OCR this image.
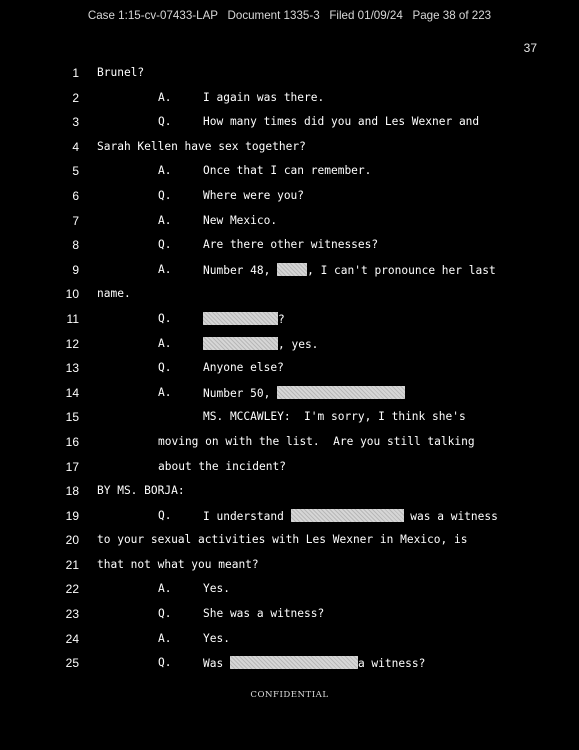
Case 1:15-cv-07433-LAP   Document 1335-3   Filed 01/09/24   Page 38 of 223
37

1

Brunel?

2

	A.

	I again was there.

3

	Q.

	How many times did you and Les Wexner and

4

Sarah Kellen have sex together?

5

	A.

	Once that I can remember.

6

	Q.

	Where were you?

7

	A.

	New Mexico.

8

	Q.

	Are there other witnesses?

9

	A.

	Number 48,	, I can't pronounce her last

10

name.

11

	Q.

	?

12

	A.

	, yes.

13

	Q.

	Anyone else?

14

	A.

	Number 50,

15

	MS. MCCAWLEY:  I'm sorry, I think she's

16

	moving on with the list.  Are you still talking

17

	about the incident?

18

BY MS. BORJA:

19

	Q.

	I understand	was a witness

20

to your sexual activities with Les Wexner in Mexico, is

21

that not what you meant?

22

	A.

	Yes.

23

	Q.

	She was a witness?

24

	A.

	Yes.

25

	Q.

	Was	a witness?

CONFIDENTIAL
